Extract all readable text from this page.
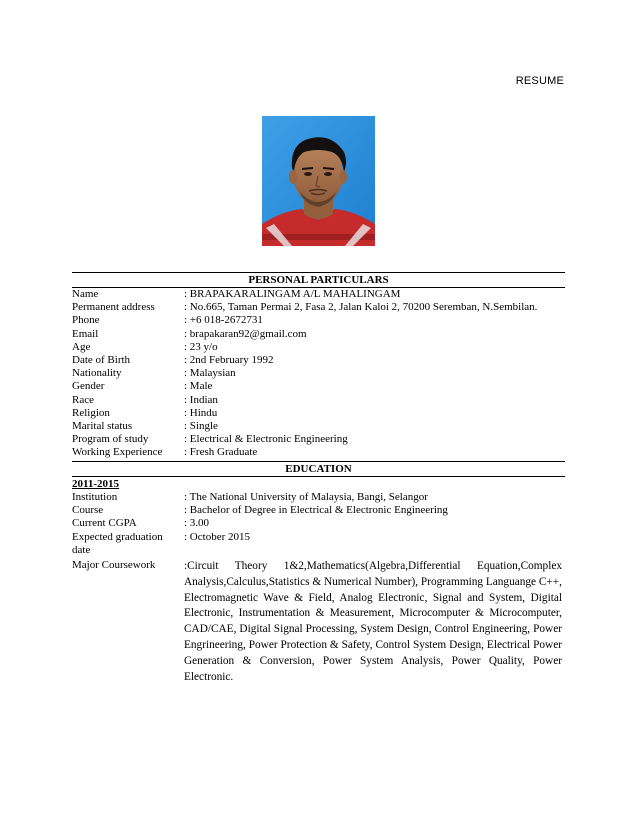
RESUME
PERSONAL PARTICULARS
Name	: BRAPAKARALINGAM A/L MAHALINGAM
Permanent address	: No.665, Taman Permai 2, Fasa 2, Jalan Kaloi 2, 70200 Seremban, N.Sembilan.
Phone	: +6 018-2672731
Email	: brapakaran92@gmail.com
Age	: 23 y/o
Date of Birth	: 2nd February 1992
Nationality	: Malaysian
Gender	: Male
Race	: Indian
Religion	: Hindu
Marital status	: Single
Program of study	: Electrical & Electronic Engineering
Working Experience	: Fresh Graduate
EDUCATION
2011-2015
Institution	: The National University of Malaysia, Bangi, Selangor
Course	: Bachelor of Degree in Electrical & Electronic Engineering
Current CGPA	: 3.00
Expected graduation	: October 2015
date
Major Coursework	:Circuit Theory 1&2,Mathematics(Algebra,Differential Equation,Complex Analysis,Calculus,Statistics & Numerical Number), Programming Languange C++, Electromagnetic Wave & Field, Analog Electronic, Signal and System, Digital Electronic, Instrumentation & Measurement, Microcomputer & Microcomputer, CAD/CAE, Digital Signal Processing, System Design, Control Engineering, Power Engrineering, Power Protection & Safety, Control System Design, Electrical Power Generation & Conversion, Power System Analysis, Power Quality, Power Electronic.
